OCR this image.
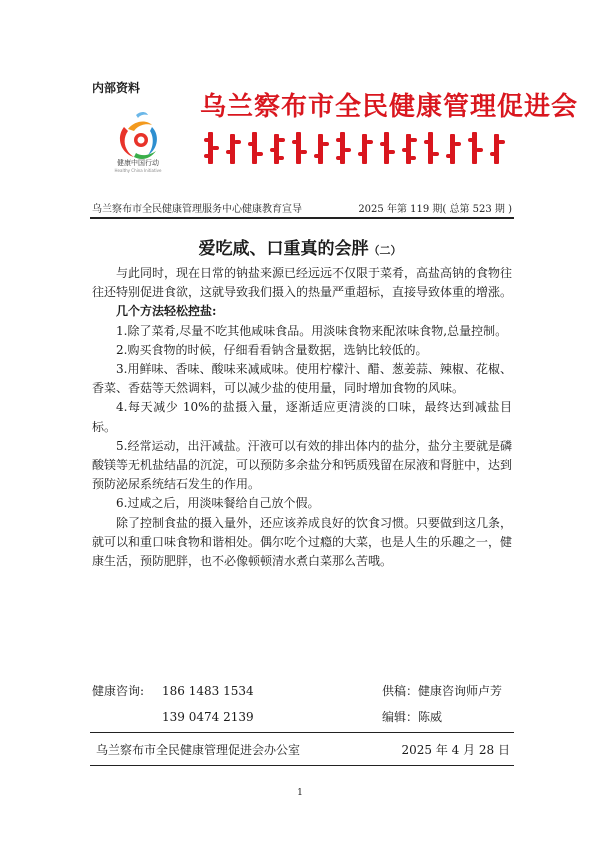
内部资料
健康中国行动
Healthy China Initiative
乌兰察布市全民健康管理促进会
乌兰察布市全民健康管理服务中心健康教育宣导	2025 年第 119 期( 总第 523 期 )
爱吃咸、口重真的会胖（二）

与此同时，现在日常的钠盐来源已经远远不仅限于菜肴，高盐高钠的食物往往还特别促进食欲，这就导致我们摄入的热量严重超标，直接导致体重的增涨。

几个方法轻松控盐:

1.除了菜肴,尽量不吃其他咸味食品。用淡味食物来配浓味食物,总量控制。

2.购买食物的时候，仔细看看钠含量数据，选钠比较低的。

3.用鲜味、香味、酸味来减咸味。使用柠檬汁、醋、葱姜蒜、辣椒、花椒、香菜、香菇等天然调料，可以减少盐的使用量，同时增加食物的风味。

4.每天减少 10%的盐摄入量，逐渐适应更清淡的口味，最终达到减盐目标。

5.经常运动，出汗减盐。汗液可以有效的排出体内的盐分，盐分主要就是磷酸镁等无机盐结晶的沉淀，可以预防多余盐分和钙质残留在尿液和肾脏中，达到预防泌尿系统结石发生的作用。

6.过咸之后，用淡味餐给自己放个假。

除了控制食盐的摄入量外，还应该养成良好的饮食习惯。只要做到这几条，就可以和重口味食物和谐相处。偶尔吃个过瘾的大菜，也是人生的乐趣之一，健康生活，预防肥胖，也不必像顿顿清水煮白菜那么苦哦。

健康咨询:	186 1483 1534	供稿：健康咨询师卢芳
139 0474 2139	编辑：陈威
乌兰察布市全民健康管理促进会办公室	2025 年 4 月 28 日
1
